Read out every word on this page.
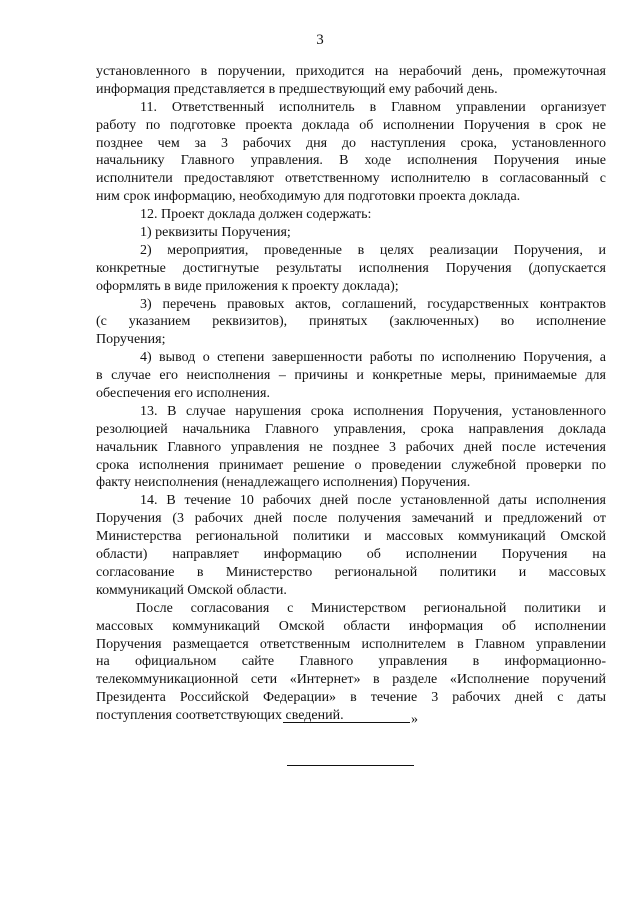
3
установленного в поручении, приходится на нерабочий день, промежуточная
информация представляется в предшествующий ему рабочий день.
11. Ответственный исполнитель в Главном управлении организует
работу по подготовке проекта доклада об исполнении Поручения в срок не
позднее чем за 3 рабочих дня до наступления срока, установленного
начальнику Главного управления. В ходе исполнения Поручения иные
исполнители предоставляют ответственному исполнителю в согласованный с
ним срок информацию, необходимую для подготовки проекта доклада.
12. Проект доклада должен содержать:
1) реквизиты Поручения;
2) мероприятия, проведенные в целях реализации Поручения, и
конкретные достигнутые результаты исполнения Поручения (допускается
оформлять в виде приложения к проекту доклада);
3) перечень правовых актов, соглашений, государственных контрактов
(с указанием реквизитов), принятых (заключенных) во исполнение
Поручения;
4) вывод о степени завершенности работы по исполнению Поручения, а
в случае его неисполнения – причины и конкретные меры, принимаемые для
обеспечения его исполнения.
13. В случае нарушения срока исполнения Поручения, установленного
резолюцией начальника Главного управления, срока направления доклада
начальник Главного управления не позднее 3 рабочих дней после истечения
срока исполнения принимает решение о проведении служебной проверки по
факту неисполнения (ненадлежащего исполнения) Поручения.
14. В течение 10 рабочих дней после установленной даты исполнения
Поручения (3 рабочих дней после получения замечаний и предложений от
Министерства региональной политики и массовых коммуникаций Омской
области) направляет информацию об исполнении Поручения на
согласование в Министерство региональной политики и массовых
коммуникаций Омской области.
После согласования с Министерством региональной политики и
массовых коммуникаций Омской области информация об исполнении
Поручения размещается ответственным исполнителем в Главном управлении
на официальном сайте Главного управления в информационно-
телекоммуникационной сети «Интернет» в разделе «Исполнение поручений
Президента Российской Федерации» в течение 3 рабочих дней с даты
поступления соответствующих сведений.	»
